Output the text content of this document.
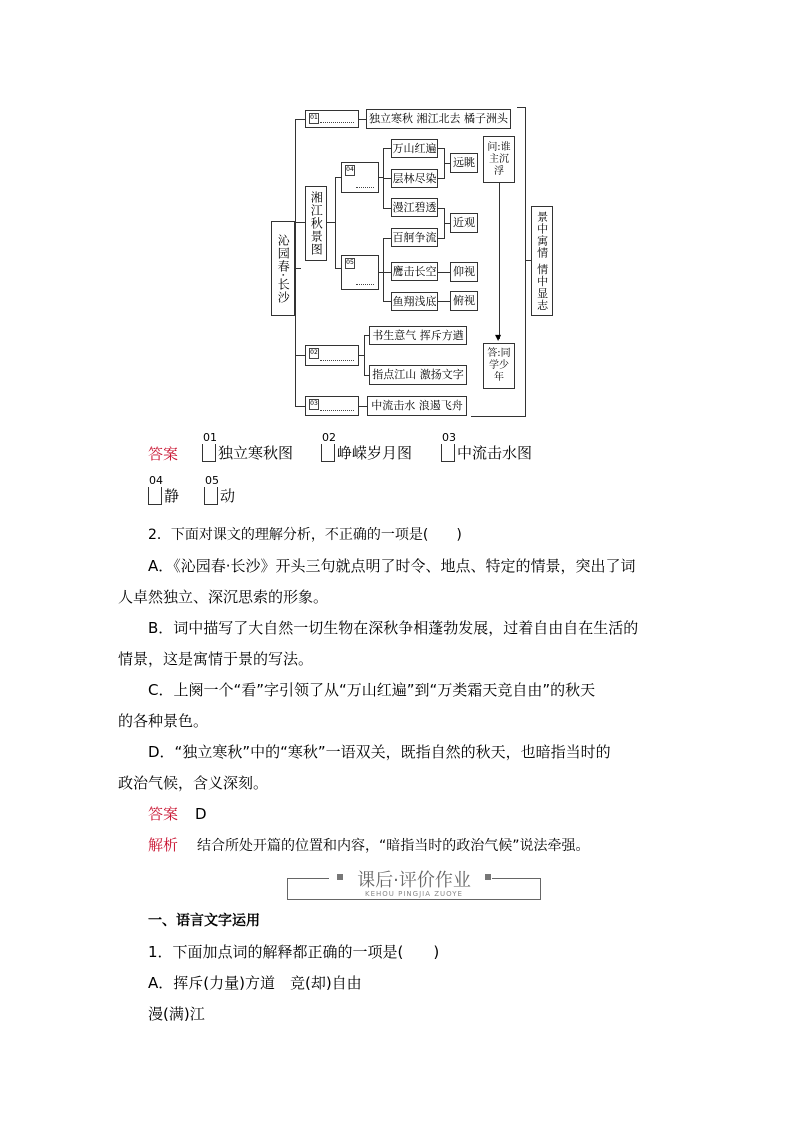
沁园春·长沙
01	独立寒秋 湘江北去 橘子洲头
湘江秋景图
04
05
万山红遍
层林尽染
漫江碧透
百舸争流
鹰击长空
鱼翔浅底
远眺
近观
仰视
俯视
问:谁主沉浮
▼
答:同学少年
景中寓情 情中显志
02
书生意气 挥斥方遒
指点江山 激扬文字
03	中流击水 浪遏飞舟
答案
01
独立寒秋图
02
峥嵘岁月图
03
中流击水图
04
静
05
动
2．下面对课文的理解分析，不正确的一项是(　　)
A．《沁园春·长沙》开头三句就点明了时令、地点、特定的情景，突出了词
人卓然独立、深沉思索的形象。
B．词中描写了大自然一切生物在深秋争相蓬勃发展，过着自由自在生活的
情景，这是寓情于景的写法。
C．上阕一个“看”字引领了从“万山红遍”到“万类霜天竞自由”的秋天
的各种景色。
D．“独立寒秋”中的“寒秋”一语双关，既指自然的秋天，也暗指当时的
政治气候，含义深刻。
答案 D
解析 结合所处开篇的位置和内容，“暗指当时的政治气候”说法牵强。
课后·评价作业
KEHOU PINGJIA ZUOYE
一、语言文字运用
1．下面加点词的解释都正确的一项是(　　)
A．挥斥(力量)方道　竞(却)自由
漫(满)江
